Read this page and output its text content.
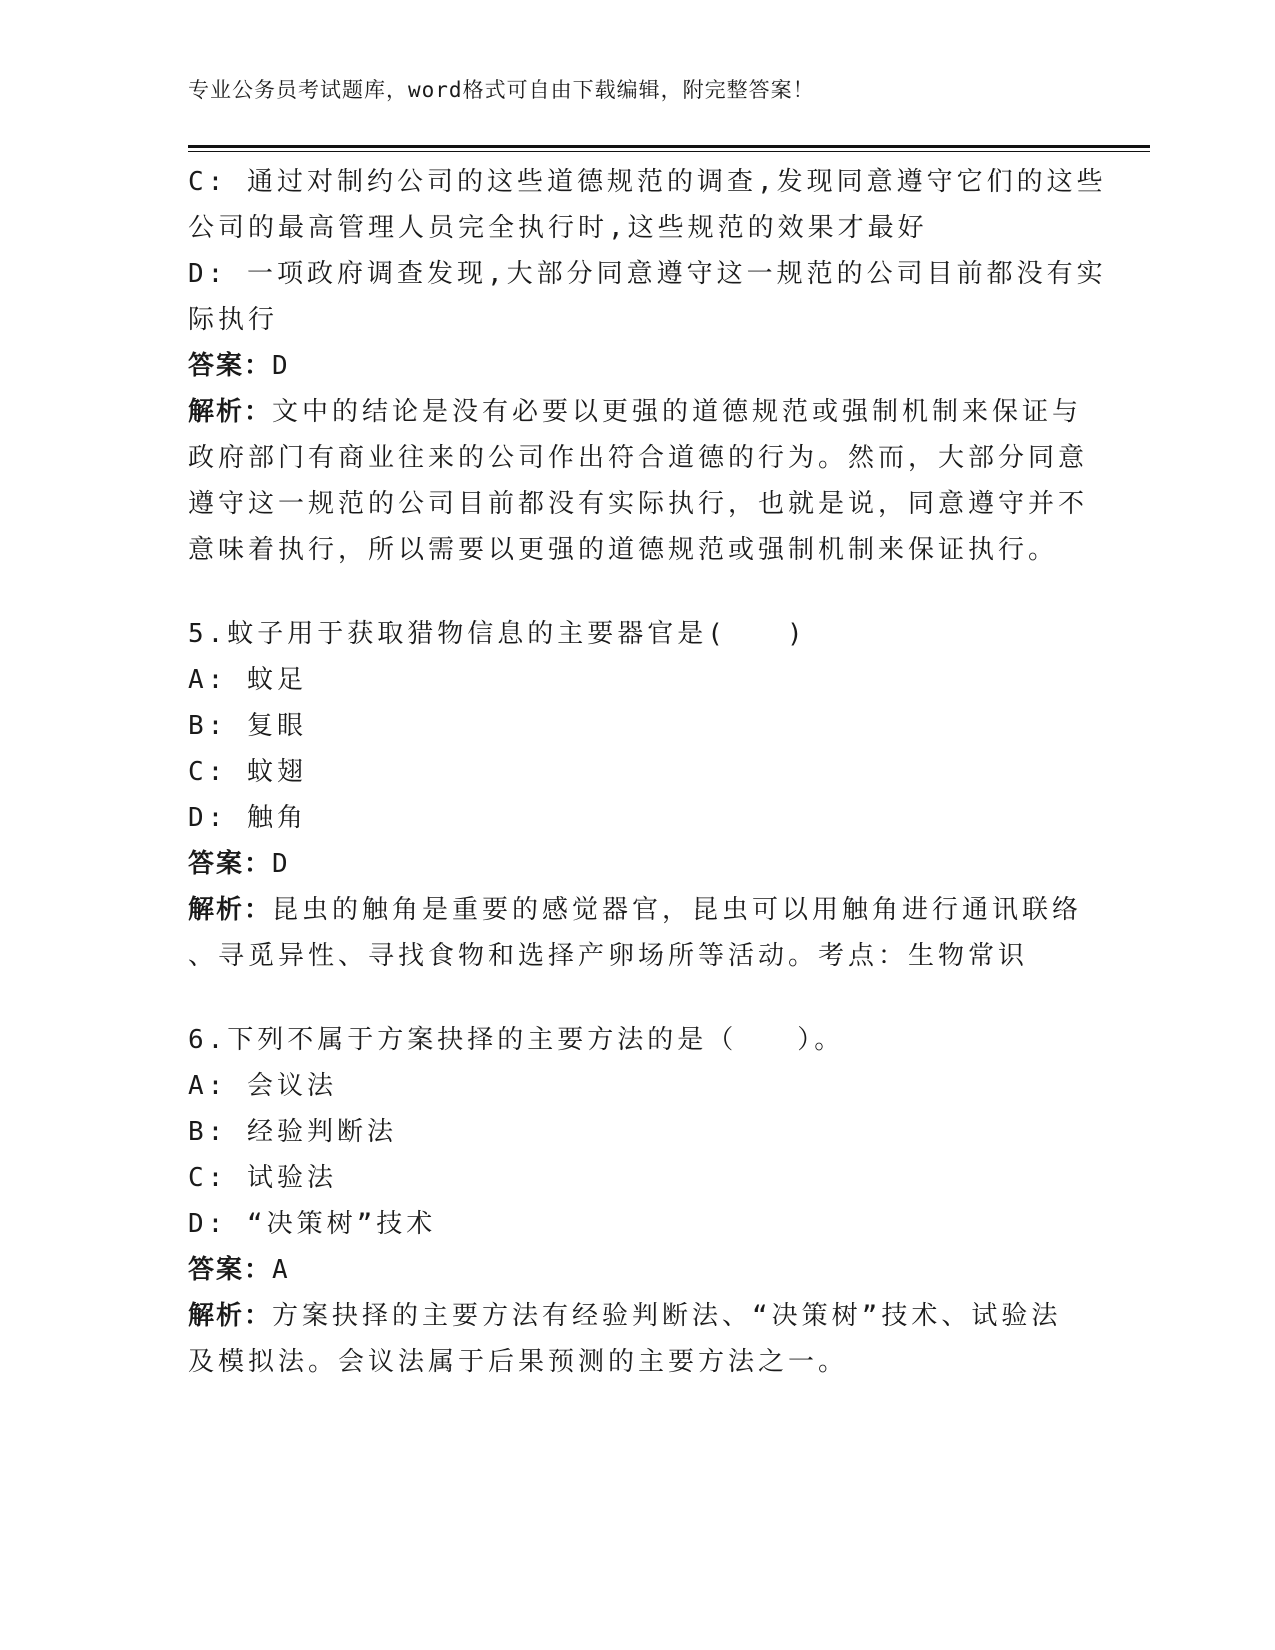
专业公务员考试题库，word格式可自由下载编辑，附完整答案！
C: 通过对制约公司的这些道德规范的调查,发现同意遵守它们的这些
公司的最高管理人员完全执行时,这些规范的效果才最好
D: 一项政府调查发现,大部分同意遵守这一规范的公司目前都没有实
际执行
答案：D
解析：文中的结论是没有必要以更强的道德规范或强制机制来保证与
政府部门有商业往来的公司作出符合道德的行为。然而，大部分同意
遵守这一规范的公司目前都没有实际执行，也就是说，同意遵守并不
意味着执行，所以需要以更强的道德规范或强制机制来保证执行。
5.蚊子用于获取猎物信息的主要器官是(　　)
A: 蚊足
B: 复眼
C: 蚊翅
D: 触角
答案：D
解析：昆虫的触角是重要的感觉器官，昆虫可以用触角进行通讯联络
、寻觅异性、寻找食物和选择产卵场所等活动。考点：生物常识
6.下列不属于方案抉择的主要方法的是（　　）。
A: 会议法
B: 经验判断法
C: 试验法
D: “决策树”技术
答案：A
解析：方案抉择的主要方法有经验判断法、“决策树”技术、试验法
及模拟法。会议法属于后果预测的主要方法之一。
